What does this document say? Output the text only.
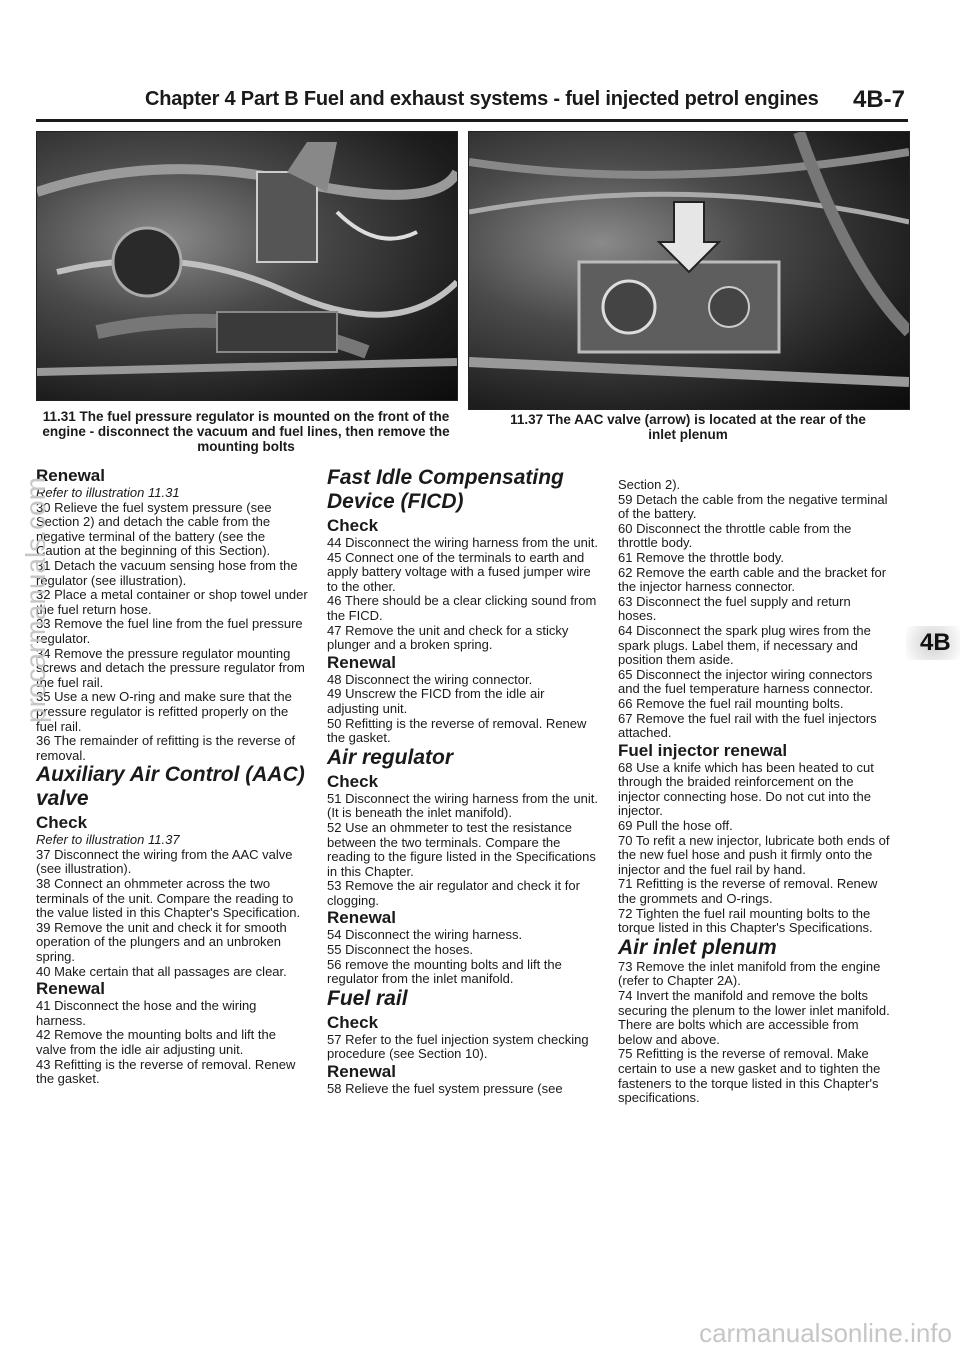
Chapter 4 Part B Fuel and exhaust systems - fuel injected petrol engines 4B-7
11.31 The fuel pressure regulator is mounted on the front of the engine - disconnect the vacuum and fuel lines, then remove the mounting bolts
11.37 The AAC valve (arrow) is located at the rear of the inlet plenum

Renewal

Refer to illustration 11.31

30 Relieve the fuel system pressure (see Section 2) and detach the cable from the negative terminal of the battery (see the Caution at the beginning of this Section).

31 Detach the vacuum sensing hose from the regulator (see illustration).

32 Place a metal container or shop towel under the fuel return hose.

33 Remove the fuel line from the fuel pressure regulator.

34 Remove the pressure regulator mounting screws and detach the pressure regulator from the fuel rail.

35 Use a new O-ring and make sure that the pressure regulator is refitted properly on the fuel rail.

36 The remainder of refitting is the reverse of removal.

Auxiliary Air Control (AAC) valve

Check

Refer to illustration 11.37

37 Disconnect the wiring from the AAC valve (see illustration).

38 Connect an ohmmeter across the two terminals of the unit. Compare the reading to the value listed in this Chapter's Specification.

39 Remove the unit and check it for smooth operation of the plungers and an unbroken spring.

40 Make certain that all passages are clear.

Renewal

41 Disconnect the hose and the wiring harness.

42 Remove the mounting bolts and lift the valve from the idle air adjusting unit.

43 Refitting is the reverse of removal. Renew the gasket.

Fast Idle Compensating Device (FICD)

Check

44 Disconnect the wiring harness from the unit.

45 Connect one of the terminals to earth and apply battery voltage with a fused jumper wire to the other.

46 There should be a clear clicking sound from the FICD.

47 Remove the unit and check for a sticky plunger and a broken spring.

Renewal

48 Disconnect the wiring connector.

49 Unscrew the FICD from the idle air adjusting unit.

50 Refitting is the reverse of removal. Renew the gasket.

Air regulator

Check

51 Disconnect the wiring harness from the unit. (It is beneath the inlet manifold).

52 Use an ohmmeter to test the resistance between the two terminals. Compare the reading to the figure listed in the Specifications in this Chapter.

53 Remove the air regulator and check it for clogging.

Renewal

54 Disconnect the wiring harness.

55 Disconnect the hoses.

56 remove the mounting bolts and lift the regulator from the inlet manifold.

Fuel rail

Check

57 Refer to the fuel injection system checking procedure (see Section 10).

Renewal

58 Relieve the fuel system pressure (see

Section 2).

59 Detach the cable from the negative terminal of the battery.

60 Disconnect the throttle cable from the throttle body.

61 Remove the throttle body.

62 Remove the earth cable and the bracket for the injector harness connector.

63 Disconnect the fuel supply and return hoses.

64 Disconnect the spark plug wires from the spark plugs. Label them, if necessary and position them aside.

65 Disconnect the injector wiring connectors and the fuel temperature harness connector.

66 Remove the fuel rail mounting bolts.

67 Remove the fuel rail with the fuel injectors attached.

Fuel injector renewal

68 Use a knife which has been heated to cut through the braided reinforcement on the injector connecting hose. Do not cut into the injector.

69 Pull the hose off.

70 To refit a new injector, lubricate both ends of the new fuel hose and push it firmly onto the injector and the fuel rail by hand.

71 Refitting is the reverse of removal. Renew the grommets and O-rings.

72 Tighten the fuel rail mounting bolts to the torque listed in this Chapter's Specifications.

Air inlet plenum

73 Remove the inlet manifold from the engine (refer to Chapter 2A).

74 Invert the manifold and remove the bolts securing the plenum to the lower inlet manifold. There are bolts which are accessible from below and above.

75 Refitting is the reverse of removal. Make certain to use a new gasket and to tighten the fasteners to the torque listed in this Chapter's specifications.

4B
procarmanuals.com
carmanualsonline.info
